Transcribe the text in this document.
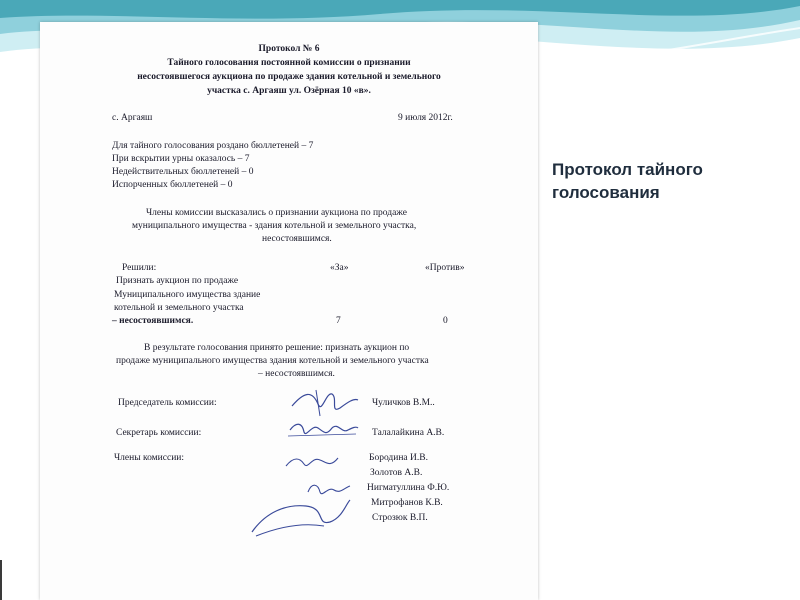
Протокол № 6
Тайного голосования постоянной комиссии о признании
несостоявшегося аукциона по продаже здания котельной и земельного
участка с. Аргаяш ул. Озёрная 10 «в».
с. Аргаяш	9 июля 2012г.
Для тайного голосования роздано бюллетеней – 7
При вскрытии урны оказалось – 7
Недействительных бюллетеней – 0
Испорченных бюллетеней – 0
Члены комиссии высказались о признании аукциона по продаже
муниципального имущества - здания котельной и земельного участка,
несостоявшимся.
Решили:	«За»	«Против»
Признать аукцион по продаже
Муниципального имущества здание
котельной и земельного участка
– несостоявшимся.	7	0
В результате голосования принято решение: признать аукцион по
продаже муниципального имущества здания котельной и земельного участка
– несостоявшимся.
Председатель комиссии:	Чуличков В.М..
Секретарь комиссии:	Талалайкина А.В.
Члены комиссии:	Бородина И.В.
Золотов А.В.
Нигматуллина Ф.Ю.
Митрофанов К.В.
Строзюк В.П.
Протокол тайного голосования
